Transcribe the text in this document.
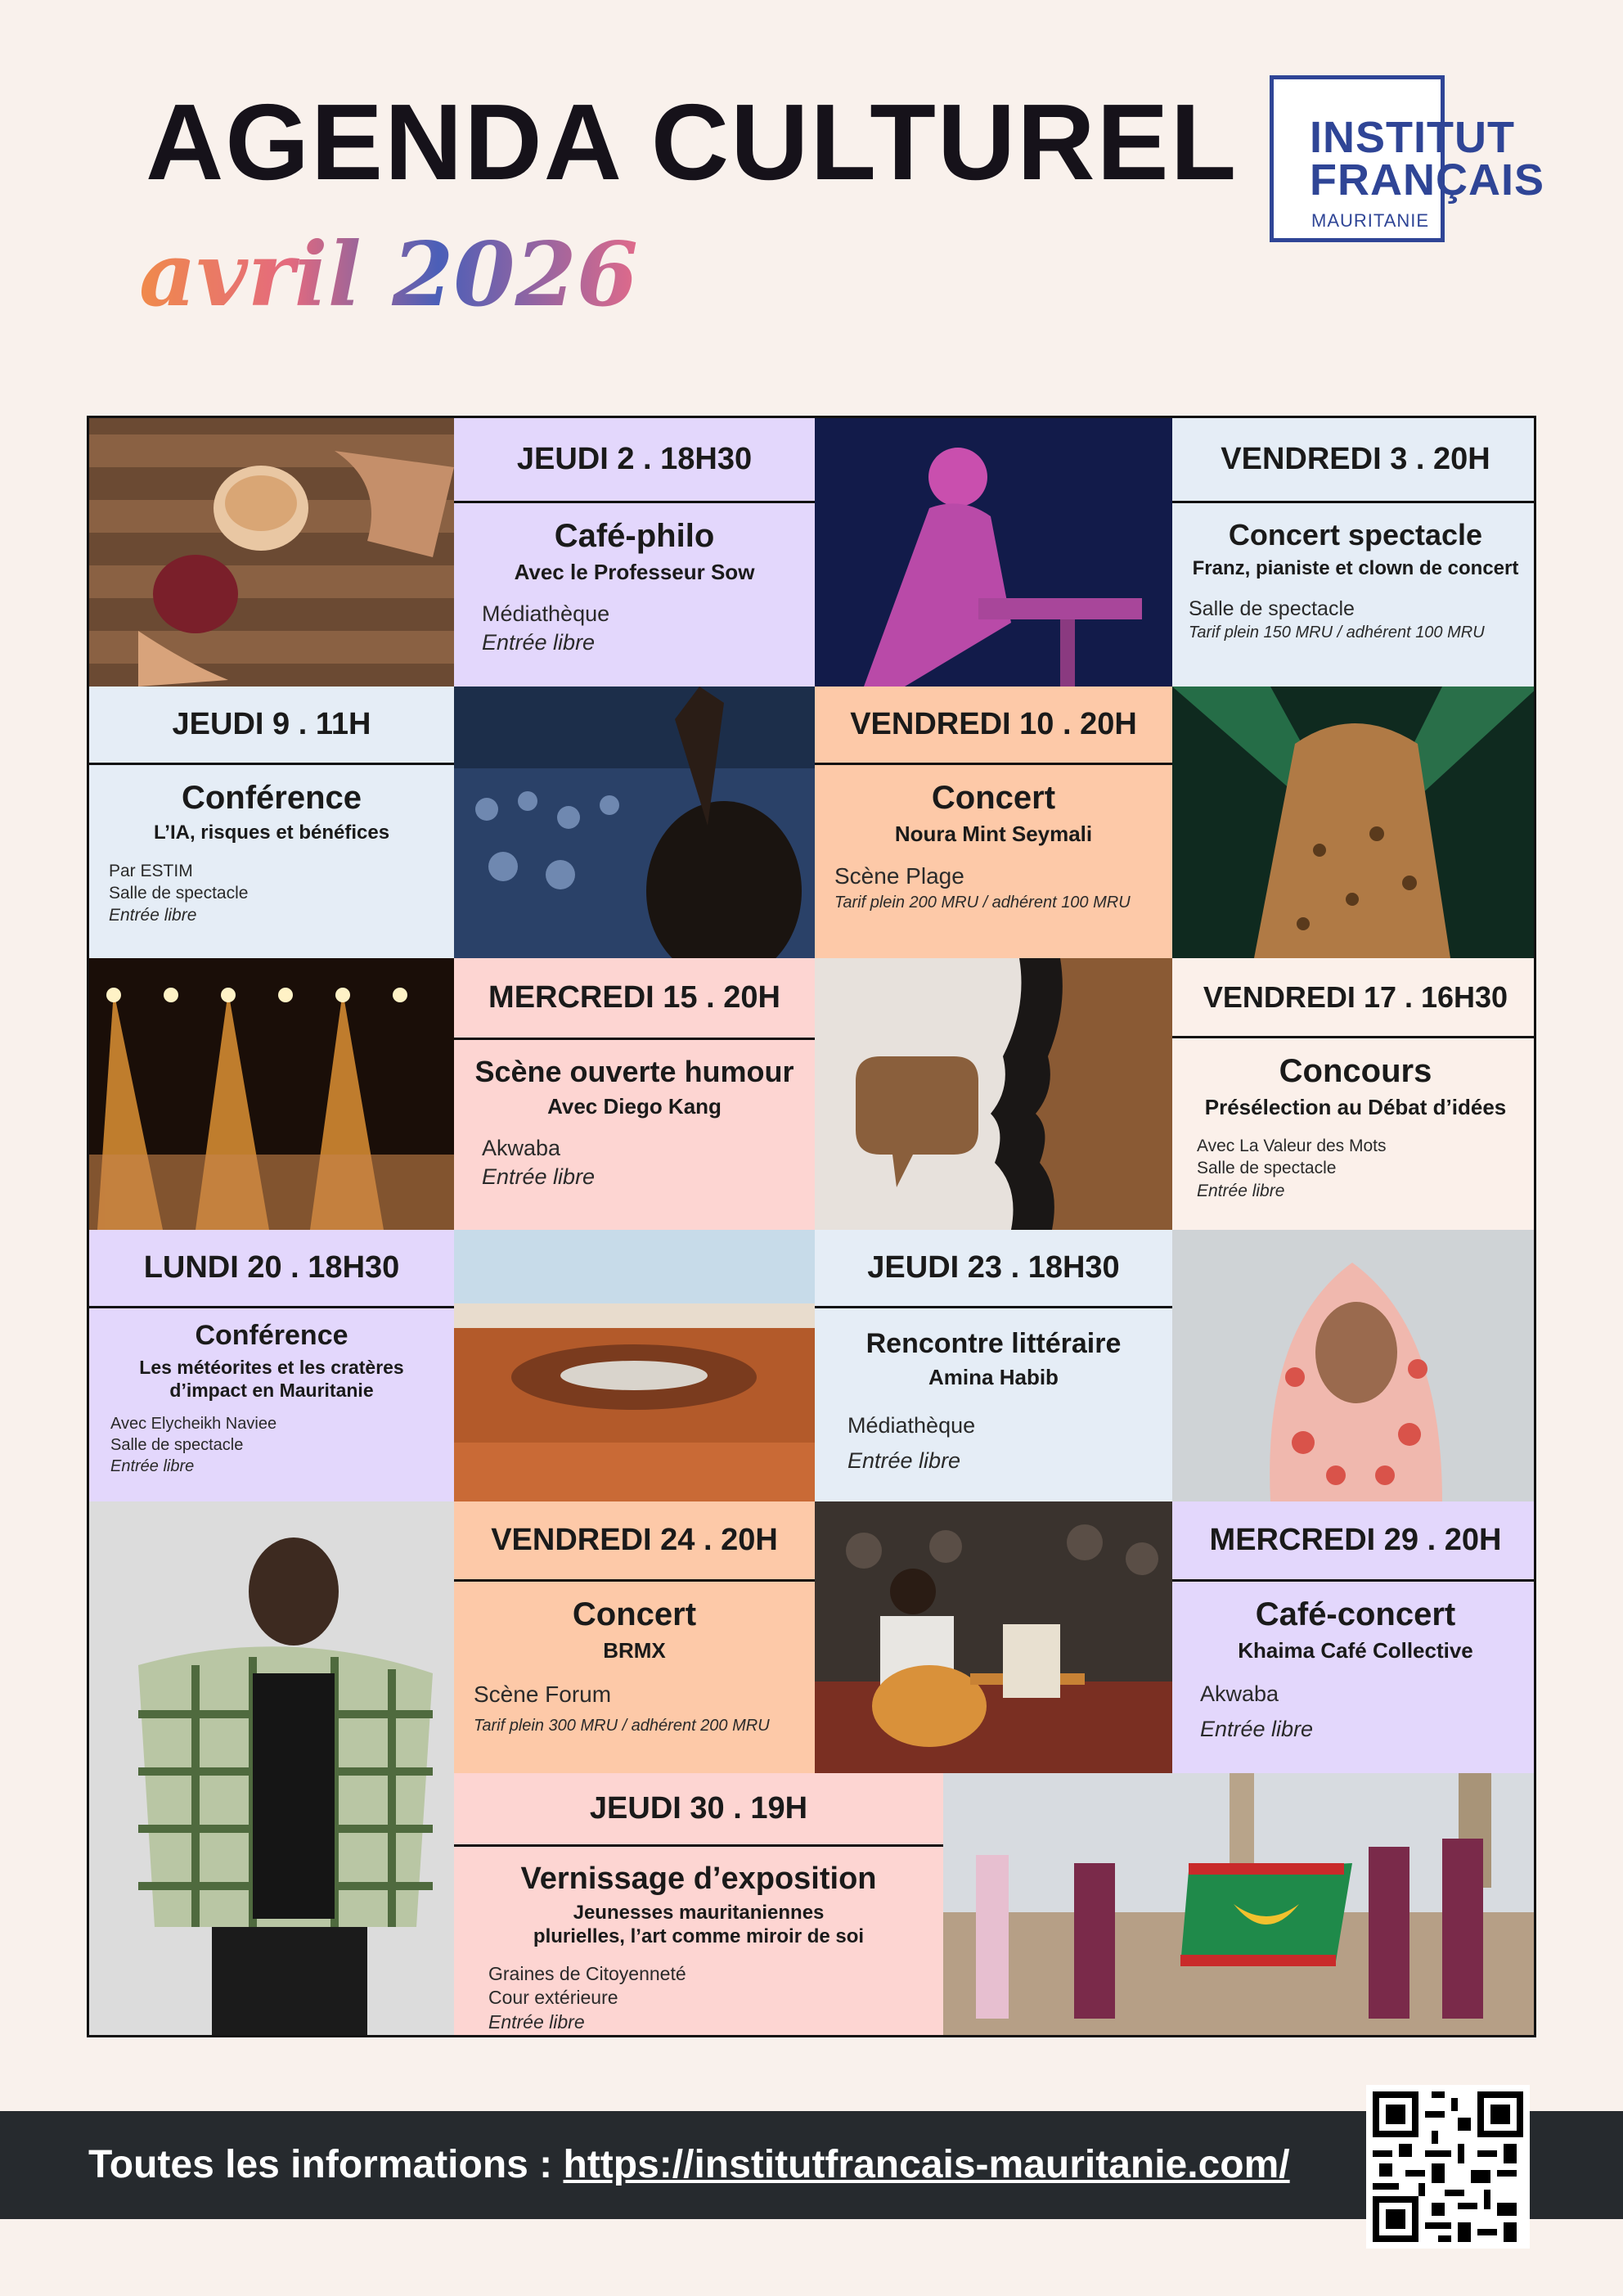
AGENDA CULTUREL
avril 2026
INSTITUT
FRANÇAIS
MAURITANIE
JEUDI 2 . 18H30
Café-philo
Avec le Professeur Sow
Médiathèque
Entrée libre
VENDREDI 3 . 20H
Concert spectacle
Franz, pianiste et clown de concert
Salle de spectacle
Tarif plein 150 MRU / adhérent 100 MRU
JEUDI 9 . 11H
Conférence
L’IA, risques et bénéfices
Par ESTIM
Salle de spectacle
Entrée libre
VENDREDI 10 . 20H
Concert
Noura Mint Seymali
Scène Plage
Tarif plein 200 MRU / adhérent 100 MRU
MERCREDI 15 . 20H
Scène ouverte humour
Avec Diego Kang
Akwaba
Entrée libre
VENDREDI 17 . 16H30
Concours
Présélection au Débat d’idées
Avec La Valeur des Mots
Salle de spectacle
Entrée libre
LUNDI 20 . 18H30
Conférence
Les météorites et les cratères d’impact en Mauritanie
Avec Elycheikh Naviee
Salle de spectacle
Entrée libre
JEUDI 23 . 18H30
Rencontre littéraire
Amina Habib
Médiathèque
Entrée libre
VENDREDI 24 . 20H
Concert
BRMX
Scène Forum
Tarif plein 300 MRU / adhérent 200 MRU
MERCREDI 29 . 20H
Café-concert
Khaima Café Collective
Akwaba
Entrée libre
JEUDI 30 . 19H
Vernissage d’exposition
Jeunesses mauritaniennes plurielles, l’art comme miroir de soi
Graines de Citoyenneté
Cour extérieure
Entrée libre
Toutes les informations : https://institutfrancais-mauritanie.com/
